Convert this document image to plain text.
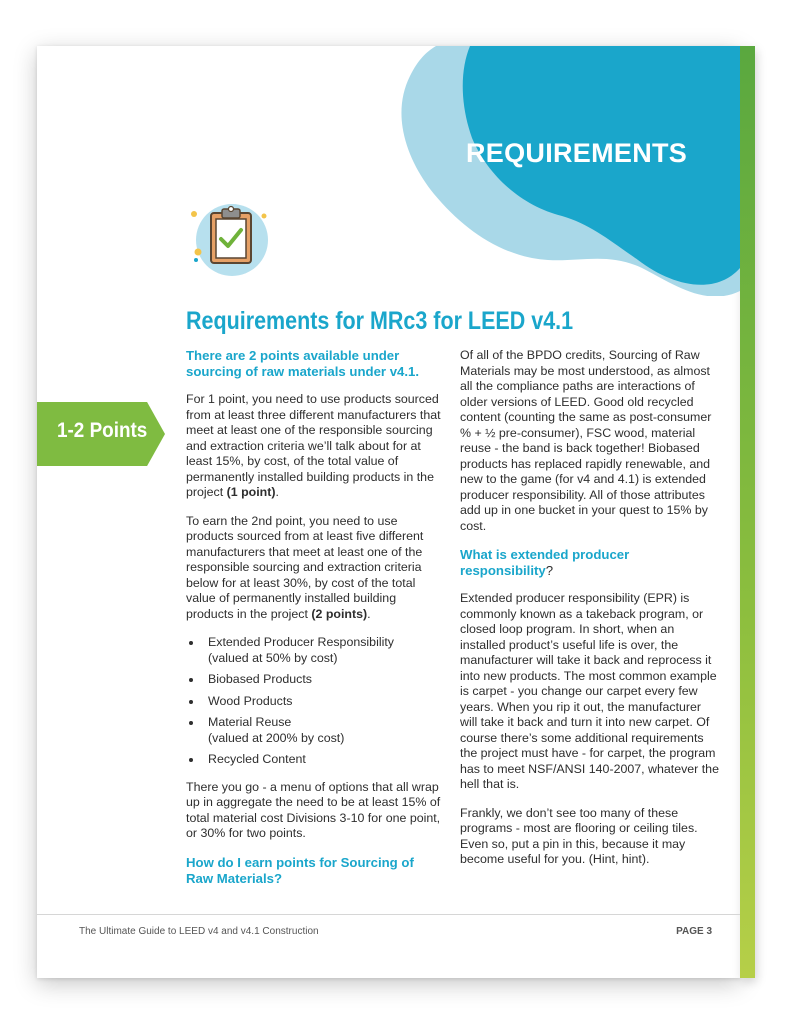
REQUIREMENTS
Requirements for MRc3 for LEED v4.1
1-2 Points
There are 2 points available under sourcing of raw materials under v4.1.

For 1 point, you need to use products sourced from at least three different manufacturers that meet at least one of the responsible sourcing and extraction criteria we’ll talk about for at least 15%, by cost, of the total value of permanently installed building products in the project (1 point).

To earn the 2nd point, you need to use products sourced from at least five different manufacturers that meet at least one of the responsible sourcing and extraction criteria below for at least 30%, by cost of the total value of permanently installed building products in the project (2 points).

Extended Producer Responsibility
(valued at 50% by cost)
Biobased Products
Wood Products
Material Reuse
(valued at 200% by cost)
Recycled Content

There you go - a menu of options that all wrap up in aggregate the need to be at least 15% of total material cost Divisions 3-10 for one point, or 30% for two points.

How do I earn points for Sourcing of Raw Materials?

Of all of the BPDO credits, Sourcing of Raw Materials may be most understood, as almost all the compliance paths are interactions of older versions of LEED. Good old recycled content (counting the same as post-consumer % + ½ pre-consumer), FSC wood, material reuse - the band is back together! Biobased products has replaced rapidly renewable, and new to the game (for v4 and 4.1) is extended producer responsibility. All of those attributes add up in one bucket in your quest to 15% by cost.

What is extended producer responsibility?

Extended producer responsibility (EPR) is commonly known as a takeback program, or closed loop program. In short, when an installed product’s useful life is over, the manufacturer will take it back and reprocess it into new products. The most common example is carpet - you change our carpet every few years. When you rip it out, the manufacturer will take it back and turn it into new carpet. Of course there’s some additional requirements the project must have - for carpet, the program has to meet NSF/ANSI 140-2007, whatever the hell that is.

Frankly, we don’t see too many of these programs - most are flooring or ceiling tiles. Even so, put a pin in this, because it may become useful for you. (Hint, hint).

The Ultimate Guide to LEED v4 and v4.1 Construction	PAGE 3
